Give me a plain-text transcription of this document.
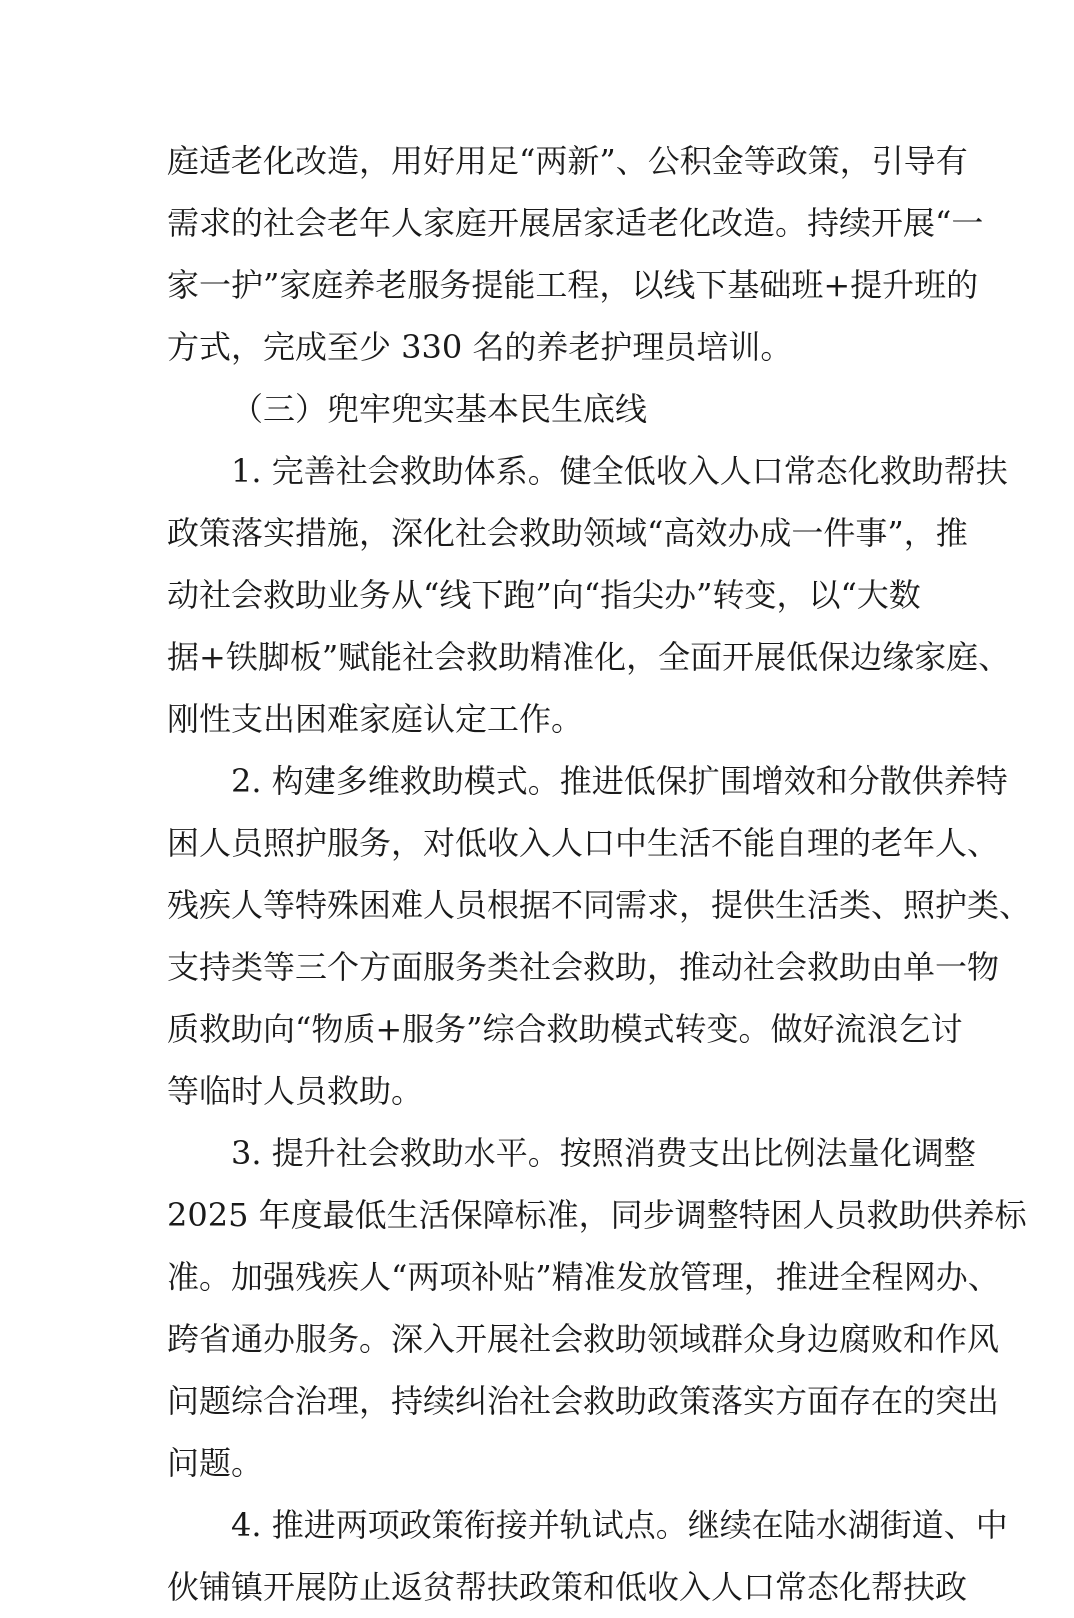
庭适老化改造，用好用足“两新”、公积金等政策，引导有
需求的社会老年人家庭开展居家适老化改造。持续开展“一
家一护”家庭养老服务提能工程，以线下基础班+提升班的
方式，完成至少 330 名的养老护理员培训。
（三）兜牢兜实基本民生底线
1. 完善社会救助体系。健全低收入人口常态化救助帮扶
政策落实措施，深化社会救助领域“高效办成一件事”，推
动社会救助业务从“线下跑”向“指尖办”转变，以“大数
据+铁脚板”赋能社会救助精准化，全面开展低保边缘家庭、
刚性支出困难家庭认定工作。
2. 构建多维救助模式。推进低保扩围增效和分散供养特
困人员照护服务，对低收入人口中生活不能自理的老年人、
残疾人等特殊困难人员根据不同需求，提供生活类、照护类、
支持类等三个方面服务类社会救助，推动社会救助由单一物
质救助向“物质+服务”综合救助模式转变。做好流浪乞讨
等临时人员救助。
3. 提升社会救助水平。按照消费支出比例法量化调整
2025 年度最低生活保障标准，同步调整特困人员救助供养标
准。加强残疾人“两项补贴”精准发放管理，推进全程网办、
跨省通办服务。深入开展社会救助领域群众身边腐败和作风
问题综合治理，持续纠治社会救助政策落实方面存在的突出
问题。
4. 推进两项政策衔接并轨试点。继续在陆水湖街道、中
伙铺镇开展防止返贫帮扶政策和低收入人口常态化帮扶政
